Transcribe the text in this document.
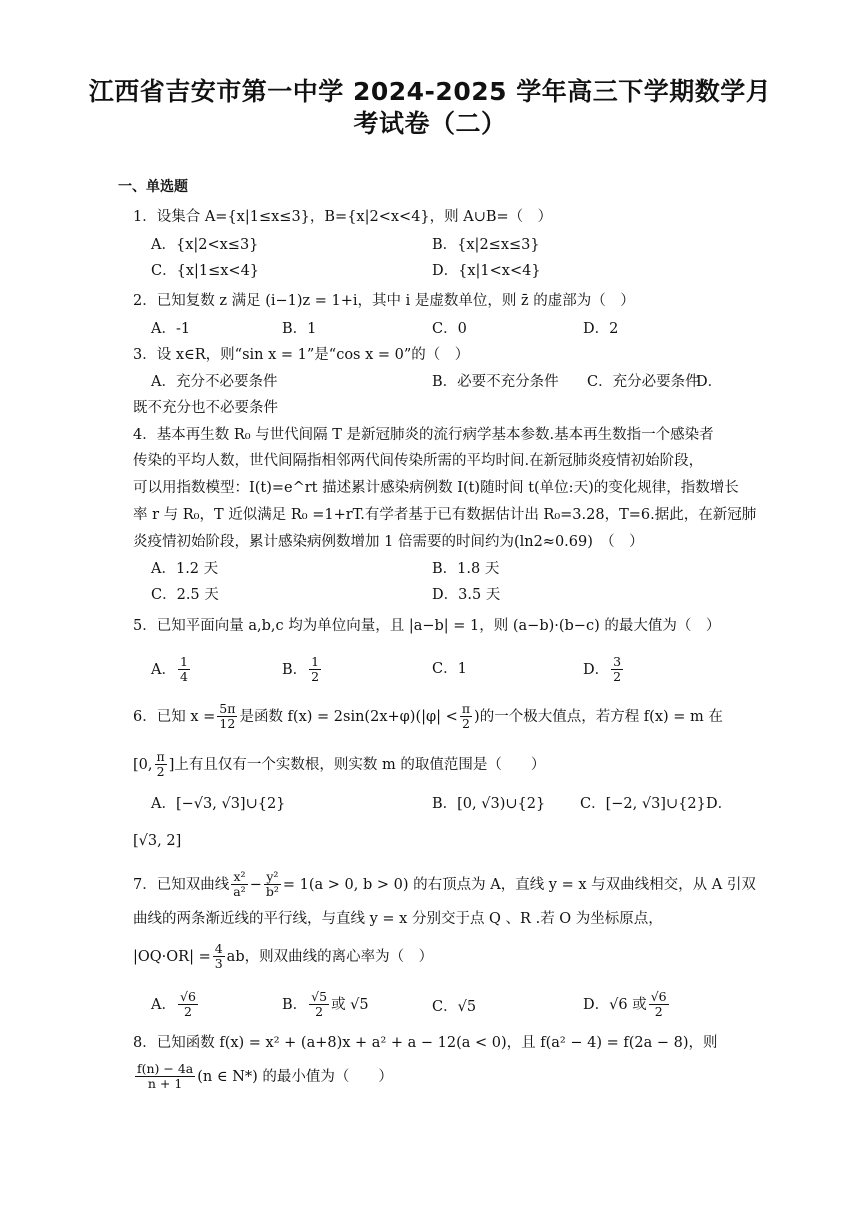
江西省吉安市第一中学 2024-2025 学年高三下学期数学月
考试卷（二）
一、单选题
1．设集合 A={x|1≤x≤3}，B={x|2<x<4}，则 A∪B=（　）
A．{x|2<x≤3}	B．{x|2≤x≤3}
C．{x|1≤x<4}	D．{x|1<x<4}
2．已知复数 z 满足 (i−1)z = 1+i，其中 i 是虚数单位，则 z̄ 的虚部为（　）
A．-1	B．1	C．0	D．2
3．设 x∈R，则“sin x = 1”是“cos x = 0”的（　）
A．充分不必要条件	B．必要不充分条件 C．充分必要条件
D．
既不充分也不必要条件
4．基本再生数 R₀ 与世代间隔 T 是新冠肺炎的流行病学基本参数.基本再生数指一个感染者
传染的平均人数，世代间隔指相邻两代间传染所需的平均时间.在新冠肺炎疫情初始阶段，
可以用指数模型：I(t)=e^rt 描述累计感染病例数 I(t)随时间 t(单位:天)的变化规律，指数增长
率 r 与 R₀，T 近似满足 R₀ =1+rT.有学者基于已有数据估计出 R₀=3.28，T=6.据此，在新冠肺
炎疫情初始阶段，累计感染病例数增加 1 倍需要的时间约为(ln2≈0.69)　（　）
A．1.2 天	B．1.8 天
C．2.5 天	D．3.5 天
5．已知平面向量 a,b,c 均为单位向量，且 |a−b| = 1，则 (a−b)·(b−c) 的最大值为（　）
A． $\frac{1}{4}$	B． $\frac{1}{2}$	C．1	D． $\frac{3}{2}$
6．已知 $x = \frac{5\pi}{12}$ 是函数 $f(x) = 2\sin(2x+\varphi)(|\varphi| < \frac{\pi}{2}$ )的一个极大值点，若方程 f(x) = m 在
[0, $\frac{\pi}{2}$ ]上有且仅有一个实数根，则实数 m 的取值范围是（　　）
A．[−√3, √3]∪{2}	B．[0, √3)∪{2} C．[−2, √3]∪{2} D．
[√3, 2]
7．已知双曲线 $\frac{\text{x²}}{\text{a²}} - \frac{\text{y²}}{\text{b²}} = 1(a > 0$, b > 0) 的右顶点为 A，直线 y = x 与双曲线相交，从 A 引双
曲线的两条渐近线的平行线，与直线 y = x 分别交于点 Q 、R .若 O 为坐标原点，
$|OQ\cdot OR| = \frac{4}{3}$ ab，则双曲线的离心率为（　）
A． $\frac{√6}{2}$	B． $\frac{√5}{2}$ 或 √5	C．√5	D．√6 或 $\frac{√6}{2}$
8．已知函数 f(x) = x² + (a+8)x + a² + a − 12(a < 0)，且 f(a² − 4) = f(2a − 8)，则
$\frac{f(n) - 4a}{n + 1} (n$ ∈ N*) 的最小值为（　　）
